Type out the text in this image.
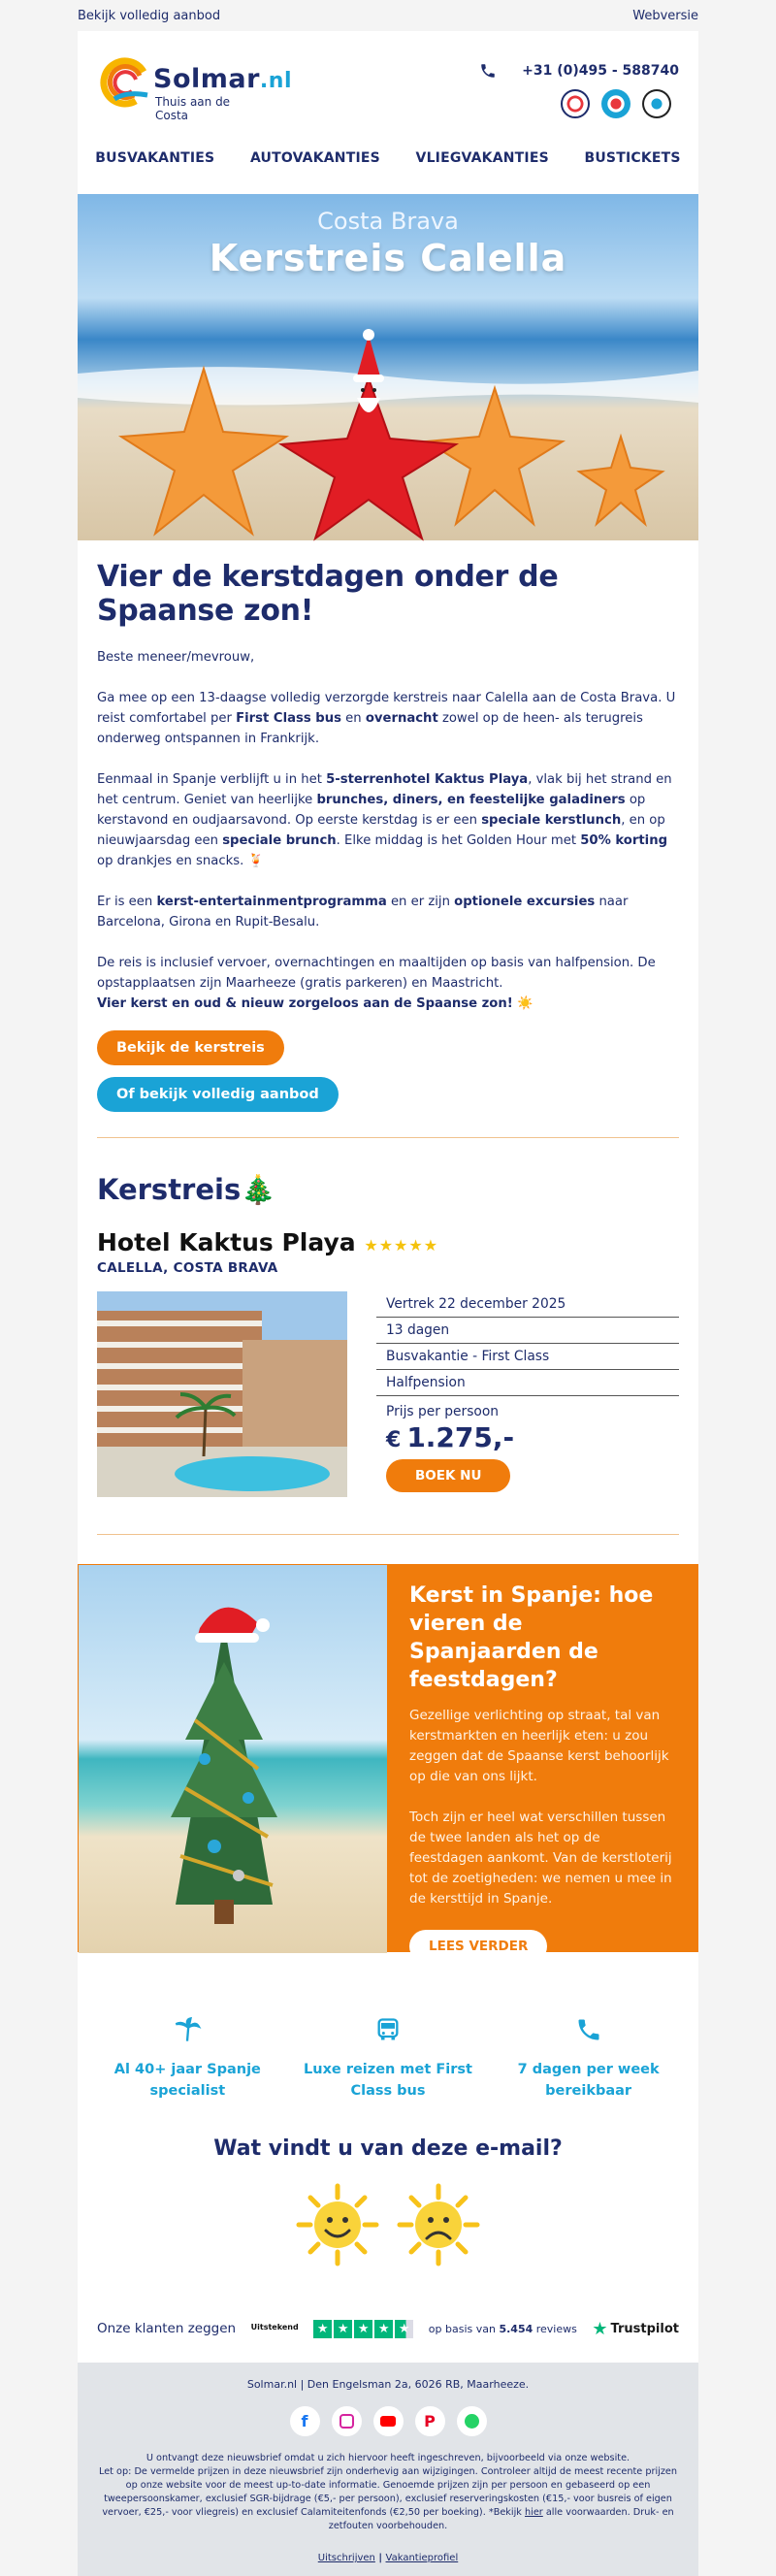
Bekijk volledig aanbod	Webversie
Solmar.nl
Thuis aan de Costa
+31 (0)495 - 588740
BUSVAKANTIES	AUTOVAKANTIES	VLIEGVAKANTIES	BUSTICKETS
Costa Brava
Kerstreis Calella
Vier de kerstdagen onder de Spaanse zon!

Beste meneer/mevrouw,

Ga mee op een 13-daagse volledig verzorgde kerstreis naar Calella aan de Costa Brava. U reist comfortabel per First Class bus en overnacht zowel op de heen- als terugreis onderweg ontspannen in Frankrijk.

Eenmaal in Spanje verblijft u in het 5-sterrenhotel Kaktus Playa, vlak bij het strand en het centrum. Geniet van heerlijke brunches, diners, en feestelijke galadiners op kerstavond en oudjaarsavond. Op eerste kerstdag is er een speciale kerstlunch, en op nieuwjaarsdag een speciale brunch. Elke middag is het Golden Hour met 50% korting op drankjes en snacks. 🍹

Er is een kerst-entertainmentprogramma en er zijn optionele excursies naar Barcelona, Girona en Rupit-Besalu.

De reis is inclusief vervoer, overnachtingen en maaltijden op basis van halfpension. De opstapplaatsen zijn Maarheeze (gratis parkeren) en Maastricht.
Vier kerst en oud & nieuw zorgeloos aan de Spaanse zon! ☀️

Bekijk de kerstreis
Of bekijk volledig aanbod
Kerstreis🎄
Hotel Kaktus Playa ★★★★★
CALELLA, COSTA BRAVA
Vertrek 22 december 2025
13 dagen
Busvakantie - First Class
Halfpension
Prijs per persoon
€ 1.275,-
BOEK NU
Kerst in Spanje: hoe vieren de Spanjaarden de feestdagen?

Gezellige verlichting op straat, tal van kerstmarkten en heerlijk eten: u zou zeggen dat de Spaanse kerst behoorlijk op die van ons lijkt.

Toch zijn er heel wat verschillen tussen de twee landen als het op de feestdagen aankomt. Van de kerstloterij tot de zoetigheden: we nemen u mee in de kersttijd in Spanje.

LEES VERDER
Al 40+ jaar Spanje specialist
Luxe reizen met First Class bus
7 dagen per week bereikbaar
Wat vindt u van deze e-mail?
Onze klanten zeggen Uitstekend ★ ★ ★ ★ ★	op basis van 5.454 reviews ★ Trustpilot
Solmar.nl | Den Engelsman 2a, 6026 RB, Maarheeze.
f	P

U ontvangt deze nieuwsbrief omdat u zich hiervoor heeft ingeschreven, bijvoorbeeld via onze website.

Let op: De vermelde prijzen in deze nieuwsbrief zijn onderhevig aan wijzigingen. Controleer altijd de meest recente prijzen op onze website voor de meest up-to-date informatie. Genoemde prijzen zijn per persoon en gebaseerd op een tweepersoonskamer, exclusief SGR-bijdrage (€5,- per persoon), exclusief reserveringskosten (€15,- voor busreis of eigen vervoer, €25,- voor vliegreis) en exclusief Calamiteitenfonds (€2,50 per boeking). *Bekijk hier alle voorwaarden. Druk- en zetfouten voorbehouden.

Uitschrijven | Vakantieprofiel
